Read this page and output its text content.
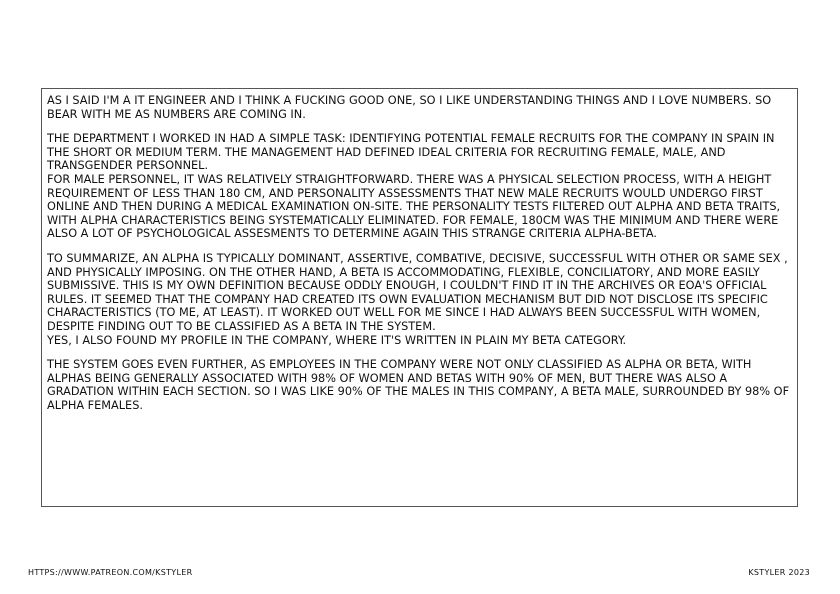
AS I SAID I'M A IT ENGINEER AND I THINK A FUCKING GOOD ONE, SO I LIKE UNDERSTANDING THINGS AND I LOVE NUMBERS. SO BEAR WITH ME AS NUMBERS ARE COMING IN.

THE DEPARTMENT I WORKED IN HAD A SIMPLE TASK: IDENTIFYING POTENTIAL FEMALE RECRUITS FOR THE COMPANY IN SPAIN IN THE SHORT OR MEDIUM TERM. THE MANAGEMENT HAD DEFINED IDEAL CRITERIA FOR RECRUITING FEMALE, MALE, AND TRANSGENDER PERSONNEL.
FOR MALE PERSONNEL, IT WAS RELATIVELY STRAIGHTFORWARD. THERE WAS A PHYSICAL SELECTION PROCESS, WITH A HEIGHT REQUIREMENT OF LESS THAN 180 CM, AND PERSONALITY ASSESSMENTS THAT NEW MALE RECRUITS WOULD UNDERGO FIRST ONLINE AND THEN DURING A MEDICAL EXAMINATION ON-SITE. THE PERSONALITY TESTS FILTERED OUT ALPHA AND BETA TRAITS, WITH ALPHA CHARACTERISTICS BEING SYSTEMATICALLY ELIMINATED. FOR FEMALE, 180CM WAS THE MINIMUM AND THERE WERE ALSO A LOT OF PSYCHOLOGICAL ASSESMENTS TO DETERMINE AGAIN THIS STRANGE CRITERIA ALPHA-BETA.

TO SUMMARIZE, AN ALPHA IS TYPICALLY DOMINANT, ASSERTIVE, COMBATIVE, DECISIVE, SUCCESSFUL WITH OTHER OR SAME SEX , AND PHYSICALLY IMPOSING. ON THE OTHER HAND, A BETA IS ACCOMMODATING, FLEXIBLE, CONCILIATORY, AND MORE EASILY SUBMISSIVE. THIS IS MY OWN DEFINITION BECAUSE ODDLY ENOUGH, I COULDN'T FIND IT IN THE ARCHIVES OR EOA'S OFFICIAL RULES. IT SEEMED THAT THE COMPANY HAD CREATED ITS OWN EVALUATION MECHANISM BUT DID NOT DISCLOSE ITS SPECIFIC CHARACTERISTICS (TO ME, AT LEAST). IT WORKED OUT WELL FOR ME SINCE I HAD ALWAYS BEEN SUCCESSFUL WITH WOMEN, DESPITE FINDING OUT TO BE CLASSIFIED AS A BETA IN THE SYSTEM.
YES, I ALSO FOUND MY PROFILE IN THE COMPANY, WHERE IT'S WRITTEN IN PLAIN MY BETA CATEGORY.

THE SYSTEM GOES EVEN FURTHER, AS EMPLOYEES IN THE COMPANY WERE NOT ONLY CLASSIFIED AS ALPHA OR BETA, WITH ALPHAS BEING GENERALLY ASSOCIATED WITH 98% OF WOMEN AND BETAS WITH 90% OF MEN, BUT THERE WAS ALSO A GRADATION WITHIN EACH SECTION. SO I WAS LIKE 90% OF THE MALES IN THIS COMPANY, A BETA MALE, SURROUNDED BY 98% OF ALPHA FEMALES.

HTTPS://WWW.PATREON.COM/KSTYLER	KSTYLER 2023
